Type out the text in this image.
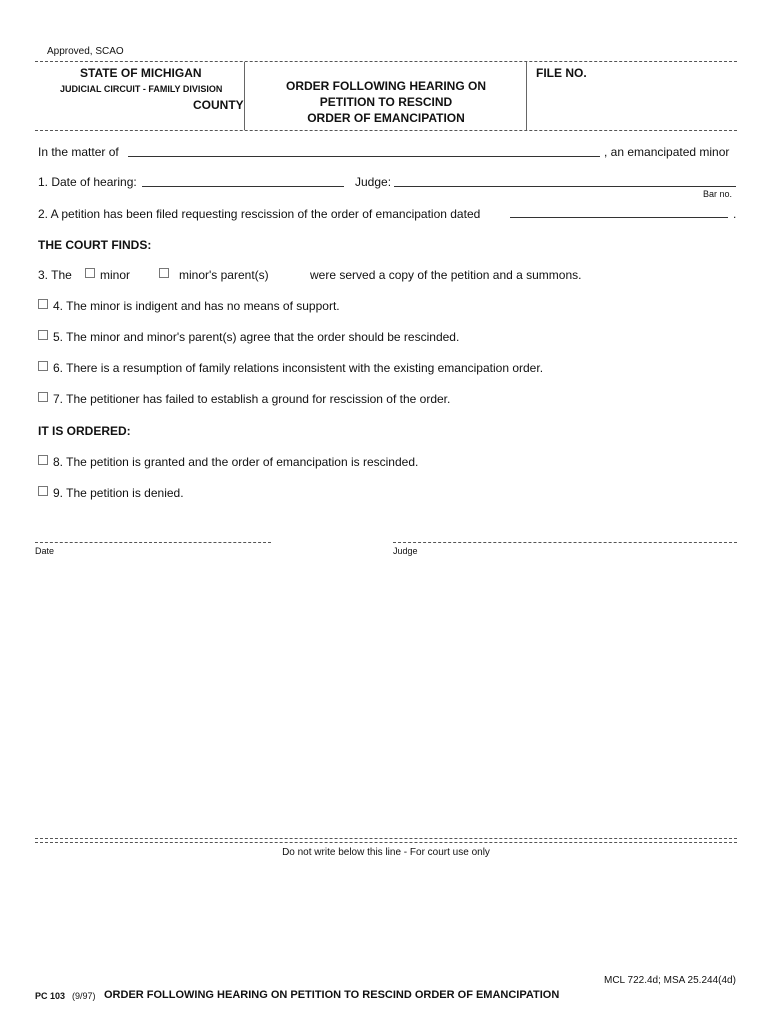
Approved, SCAO
STATE OF MICHIGAN
JUDICIAL CIRCUIT - FAMILY DIVISION
COUNTY
ORDER FOLLOWING HEARING ON
PETITION TO RESCIND
ORDER OF EMANCIPATION
FILE NO.
In the matter of	, an emancipated minor
1. Date of hearing:	Judge:
Bar no.
2. A petition has been filed requesting rescission of the order of emancipation dated	.
THE COURT FINDS:
3. The minor	minor's parent(s)	were served a copy of the petition and a summons.
4. The minor is indigent and has no means of support.
5. The minor and minor's parent(s) agree that the order should be rescinded.
6. There is a resumption of family relations inconsistent with the existing emancipation order.
7. The petitioner has failed to establish a ground for rescission of the order.
IT IS ORDERED:
8. The petition is granted and the order of emancipation is rescinded.
9. The petition is denied.
Date	Judge
Do not write below this line - For court use only
MCL 722.4d; MSA 25.244(4d)
PC 103 (9/97) ORDER FOLLOWING HEARING ON PETITION TO RESCIND ORDER OF EMANCIPATION
